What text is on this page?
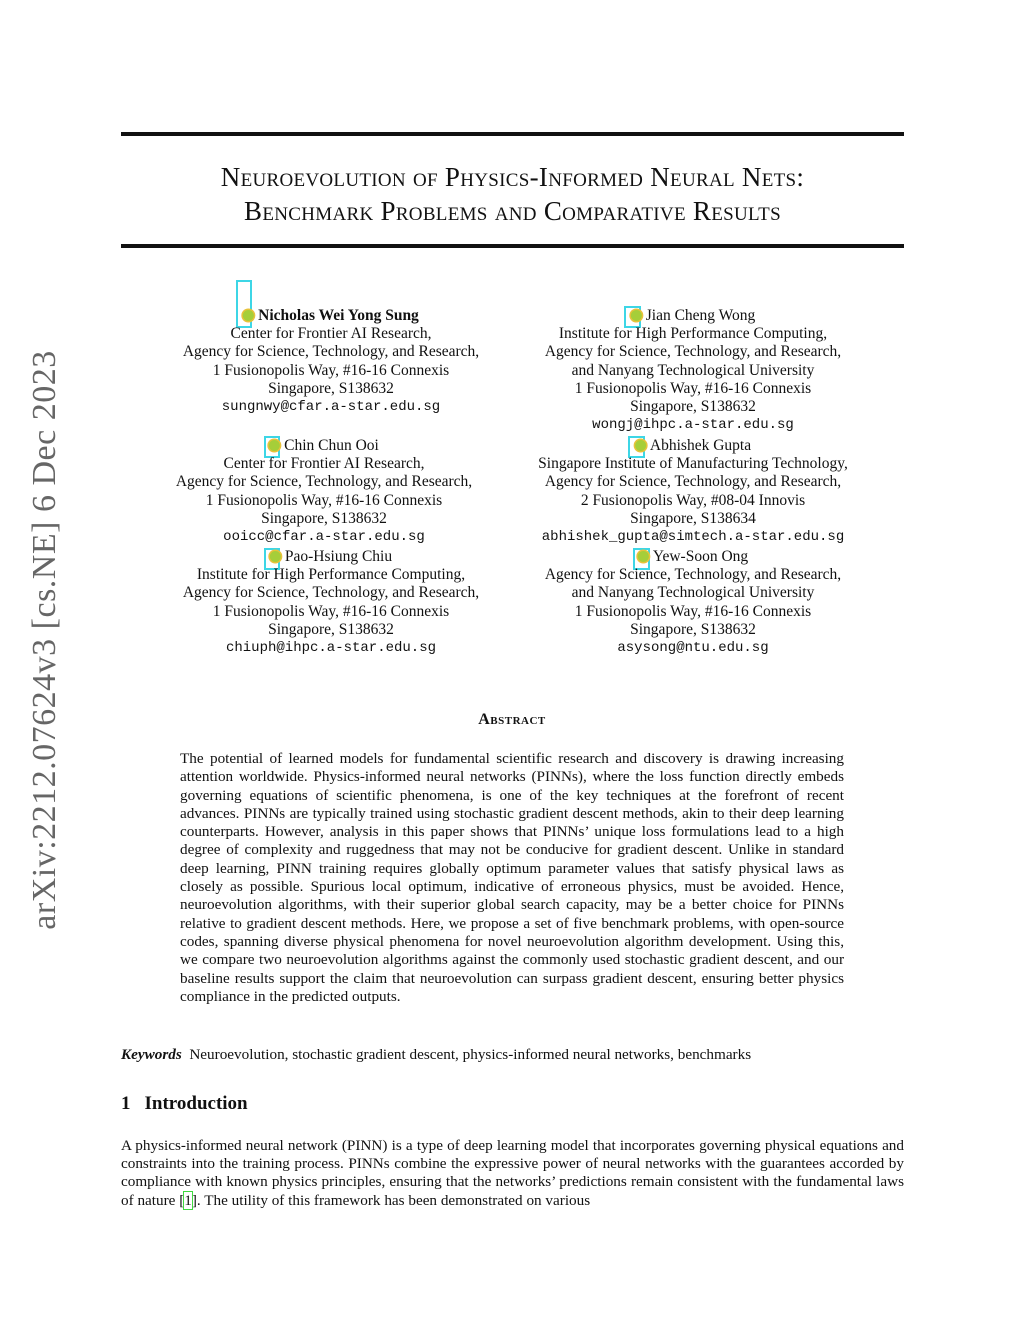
Neuroevolution of Physics-Informed Neural Nets:
Benchmark Problems and Comparative Results
arXiv:2212.07624v3 [cs.NE] 6 Dec 2023
Nicholas Wei Yong Sung
Center for Frontier AI Research,
Agency for Science, Technology, and Research,
1 Fusionopolis Way, #16-16 Connexis
Singapore, S138632
sungnwy@cfar.a-star.edu.sg
Jian Cheng Wong
Institute for High Performance Computing,
Agency for Science, Technology, and Research,
and Nanyang Technological University
1 Fusionopolis Way, #16-16 Connexis
Singapore, S138632
wongj@ihpc.a-star.edu.sg
Chin Chun Ooi
Center for Frontier AI Research,
Agency for Science, Technology, and Research,
1 Fusionopolis Way, #16-16 Connexis
Singapore, S138632
ooicc@cfar.a-star.edu.sg
Abhishek Gupta
Singapore Institute of Manufacturing Technology,
Agency for Science, Technology, and Research,
2 Fusionopolis Way, #08-04 Innovis
Singapore, S138634
abhishek_gupta@simtech.a-star.edu.sg
Pao-Hsiung Chiu
Institute for High Performance Computing,
Agency for Science, Technology, and Research,
1 Fusionopolis Way, #16-16 Connexis
Singapore, S138632
chiuph@ihpc.a-star.edu.sg
Yew-Soon Ong
Agency for Science, Technology, and Research,
and Nanyang Technological University
1 Fusionopolis Way, #16-16 Connexis
Singapore, S138632
asysong@ntu.edu.sg
Abstract
The potential of learned models for fundamental scientific research and discovery is drawing increasing attention worldwide. Physics-informed neural networks (PINNs), where the loss function directly embeds governing equations of scientific phenomena, is one of the key techniques at the forefront of recent advances. PINNs are typically trained using stochastic gradient descent methods, akin to their deep learning counterparts. However, analysis in this paper shows that PINNs’ unique loss formulations lead to a high degree of complexity and ruggedness that may not be conducive for gradient descent. Unlike in standard deep learning, PINN training requires globally optimum parameter values that satisfy physical laws as closely as possible. Spurious local optimum, indicative of erroneous physics, must be avoided. Hence, neuroevolution algorithms, with their superior global search capacity, may be a better choice for PINNs relative to gradient descent methods. Here, we propose a set of five benchmark problems, with open-source codes, spanning diverse physical phenomena for novel neuroevolution algorithm development. Using this, we compare two neuroevolution algorithms against the commonly used stochastic gradient descent, and our baseline results support the claim that neuroevolution can surpass gradient descent, ensuring better physics compliance in the predicted outputs.
Keywords Neuroevolution, stochastic gradient descent, physics-informed neural networks, benchmarks
1 Introduction
A physics-informed neural network (PINN) is a type of deep learning model that incorporates governing physical equations and constraints into the training process. PINNs combine the expressive power of neural networks with the guarantees accorded by compliance with known physics principles, ensuring that the networks’ predictions remain consistent with the fundamental laws of nature [1]. The utility of this framework has been demonstrated on various
